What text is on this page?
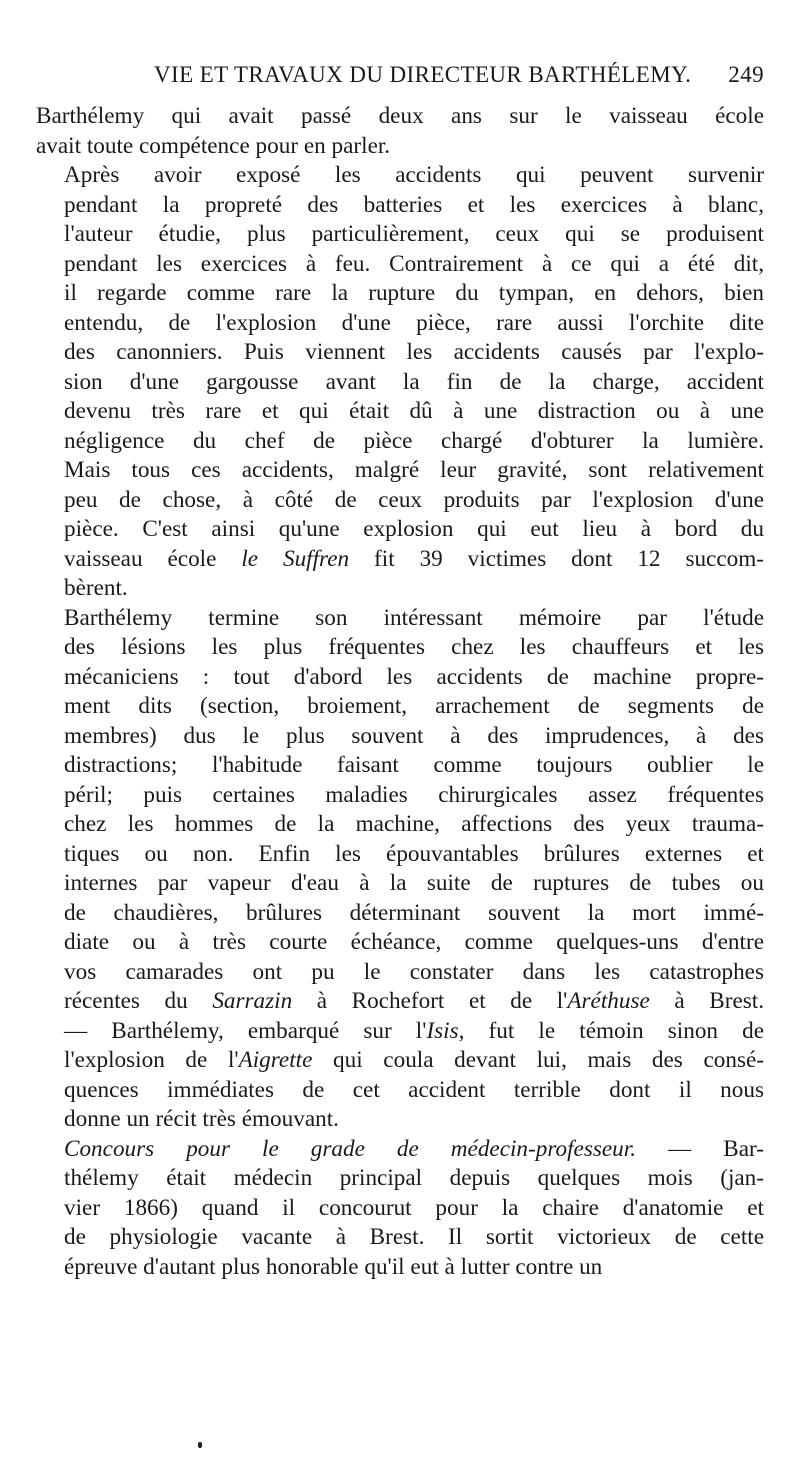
VIE ET TRAVAUX DU DIRECTEUR BARTHÉLEMY. 249

Barthélemy qui avait passé deux ans sur le vaisseau école
avait toute compétence pour en parler.

Après avoir exposé les accidents qui peuvent survenir
pendant la propreté des batteries et les exercices à blanc,
l'auteur étudie, plus particulièrement, ceux qui se produisent
pendant les exercices à feu. Contrairement à ce qui a été dit,
il regarde comme rare la rupture du tympan, en dehors, bien
entendu, de l'explosion d'une pièce, rare aussi l'orchite dite
des canonniers. Puis viennent les accidents causés par l'explo-
sion d'une gargousse avant la fin de la charge, accident
devenu très rare et qui était dû à une distraction ou à une
négligence du chef de pièce chargé d'obturer la lumière.
Mais tous ces accidents, malgré leur gravité, sont relativement
peu de chose, à côté de ceux produits par l'explosion d'une
pièce. C'est ainsi qu'une explosion qui eut lieu à bord du
vaisseau école le Suffren fit 39 victimes dont 12 succom-
bèrent.

Barthélemy termine son intéressant mémoire par l'étude
des lésions les plus fréquentes chez les chauffeurs et les
mécaniciens : tout d'abord les accidents de machine propre-
ment dits (section, broiement, arrachement de segments de
membres) dus le plus souvent à des imprudences, à des
distractions; l'habitude faisant comme toujours oublier le
péril; puis certaines maladies chirurgicales assez fréquentes
chez les hommes de la machine, affections des yeux trauma-
tiques ou non. Enfin les épouvantables brûlures externes et
internes par vapeur d'eau à la suite de ruptures de tubes ou
de chaudières, brûlures déterminant souvent la mort immé-
diate ou à très courte échéance, comme quelques-uns d'entre
vos camarades ont pu le constater dans les catastrophes
récentes du Sarrazin à Rochefort et de l'Aréthuse à Brest.
— Barthélemy, embarqué sur l'Isis, fut le témoin sinon de
l'explosion de l'Aigrette qui coula devant lui, mais des consé-
quences immédiates de cet accident terrible dont il nous
donne un récit très émouvant.

Concours pour le grade de médecin-professeur. — Bar-
thélemy était médecin principal depuis quelques mois (jan-
vier 1866) quand il concourut pour la chaire d'anatomie et
de physiologie vacante à Brest. Il sortit victorieux de cette
épreuve d'autant plus honorable qu'il eut à lutter contre un
